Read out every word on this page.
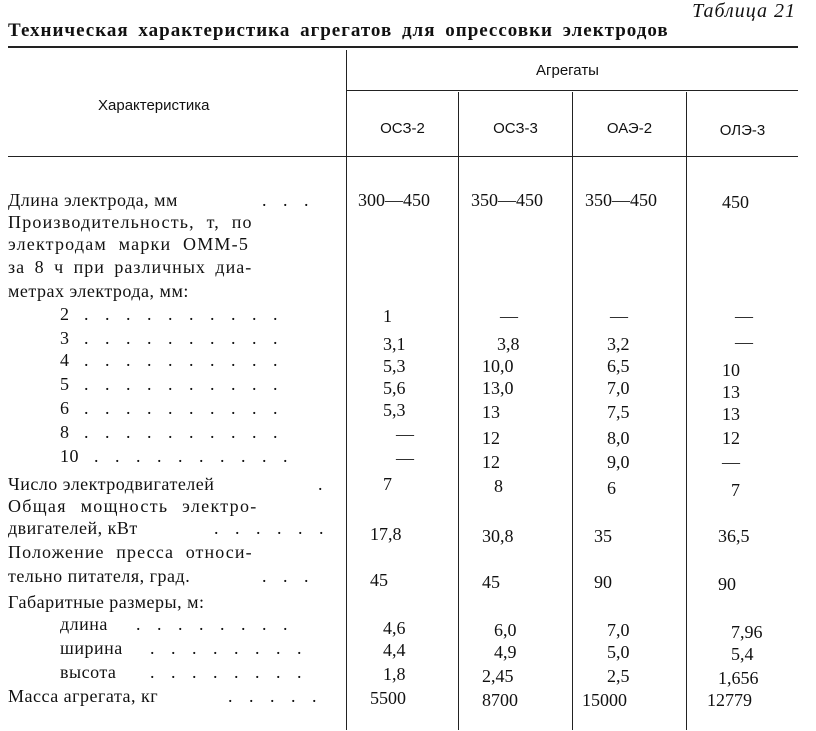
Таблица 21
Техническая характеристика агрегатов для опрессовки электродов
Характеристика
Агрегаты
ОСЗ-2	ОСЗ-3	ОАЭ-2	ОЛЭ-3
Длина электрода, мм	. . . 300—450 350—450 350—450	450
Производительность, т, по
электродам марки ОММ-5
за 8 ч при различных диа-
метрах электрода, мм:
2 . . . . . . . . . .	1	—	—	—
3 . . . . . . . . . .	3,1	3,8	3,2	—
4 . . . . . . . . . .	5,3	10,0	6,5	10
5 . . . . . . . . . .	5,6	13,0	7,0	13
6 . . . . . . . . . .	5,3	13	7,5	13
8 . . . . . . . . . .	—	12	8,0	12
10 . . . . . . . . . .	—	12	9,0	—
Число электродвигателей	.	7	8	6	7
Общая мощность электро-
двигателей, кВт	. . . . . . 17,8	30,8	35	36,5
Положение пресса относи-
тельно питателя, град.	. . .	45	45	90	90
Габаритные размеры, м:
длина . . . . . . . .	4,6	6,0	7,0	7,96
ширина . . . . . . . .	4,4	4,9	5,0	5,4
высота . . . . . . . .	1,8	2,45	2,5	1,656
Масса агрегата, кг	. . . . .	5500	8700	15000	12779
